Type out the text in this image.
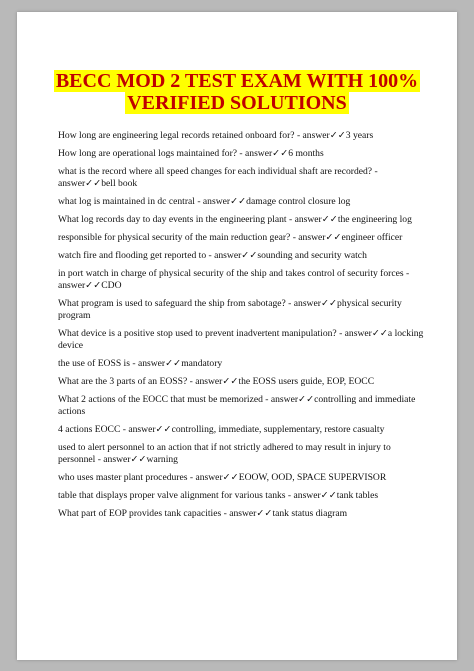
BECC MOD 2 TEST EXAM WITH 100%
VERIFIED SOLUTIONS
How long are engineering legal records retained onboard for? - answer✓✓3 years
How long are operational logs maintained for? - answer✓✓6 months
what is the record where all speed changes for each individual shaft are recorded? - answer✓✓bell book
what log is maintained in dc central - answer✓✓damage control closure log
What log records day to day events in the engineering plant - answer✓✓the engineering log
responsible for physical security of the main reduction gear? - answer✓✓engineer officer
watch fire and flooding get reported to - answer✓✓sounding and security watch
in port watch in charge of physical security of the ship and takes control of security forces - answer✓✓CDO
What program is used to safeguard the ship from sabotage? - answer✓✓physical security program
What device is a positive stop used to prevent inadvertent manipulation? - answer✓✓a locking device
the use of EOSS is - answer✓✓mandatory
What are the 3 parts of an EOSS? - answer✓✓the EOSS users guide, EOP, EOCC
What 2 actions of the EOCC that must be memorized - answer✓✓controlling and immediate actions
4 actions EOCC - answer✓✓controlling, immediate, supplementary, restore casualty
used to alert personnel to an action that if not strictly adhered to may result in injury to personnel - answer✓✓warning
who uses master plant procedures - answer✓✓EOOW, OOD, SPACE SUPERVISOR
table that displays proper valve alignment for various tanks - answer✓✓tank tables
What part of EOP provides tank capacities - answer✓✓tank status diagram
